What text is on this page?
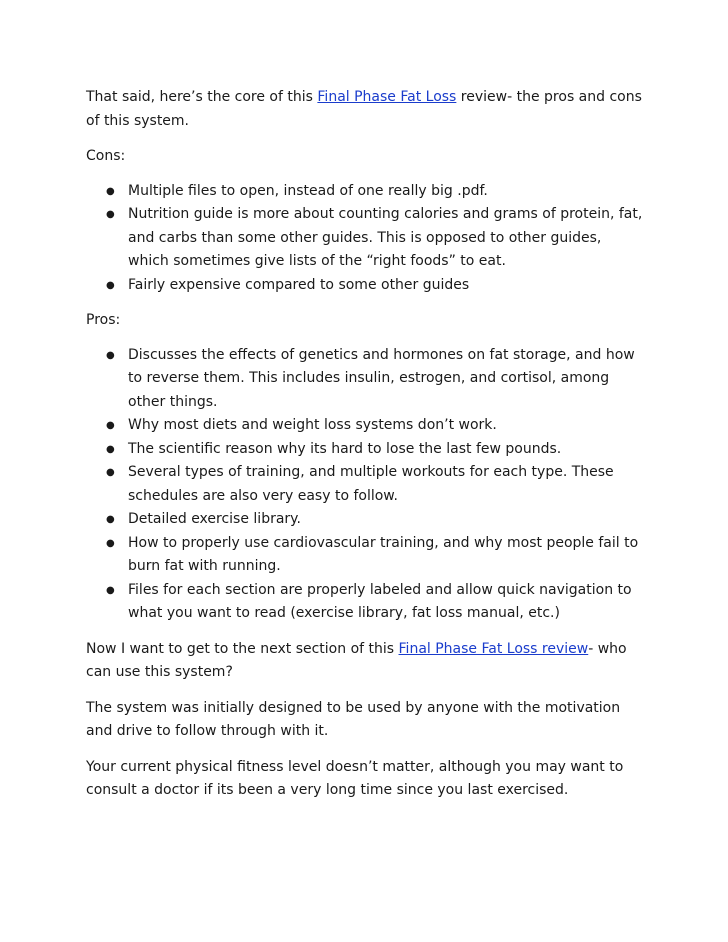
That said, here’s the core of this Final Phase Fat Loss review- the pros and cons of this system.

Cons:

● Multiple files to open, instead of one really big .pdf.
● Nutrition guide is more about counting calories and grams of protein, fat, and carbs than some other guides. This is opposed to other guides, which sometimes give lists of the “right foods” to eat.
● Fairly expensive compared to some other guides

Pros:

● Discusses the effects of genetics and hormones on fat storage, and how to reverse them. This includes insulin, estrogen, and cortisol, among other things.
● Why most diets and weight loss systems don’t work.
● The scientific reason why its hard to lose the last few pounds.
● Several types of training, and multiple workouts for each type. These schedules are also very easy to follow.
● Detailed exercise library.
● How to properly use cardiovascular training, and why most people fail to burn fat with running.
● Files for each section are properly labeled and allow quick navigation to what you want to read (exercise library, fat loss manual, etc.)

Now I want to get to the next section of this Final Phase Fat Loss review- who can use this system?

The system was initially designed to be used by anyone with the motivation and drive to follow through with it.

Your current physical fitness level doesn’t matter, although you may want to consult a doctor if its been a very long time since you last exercised.
